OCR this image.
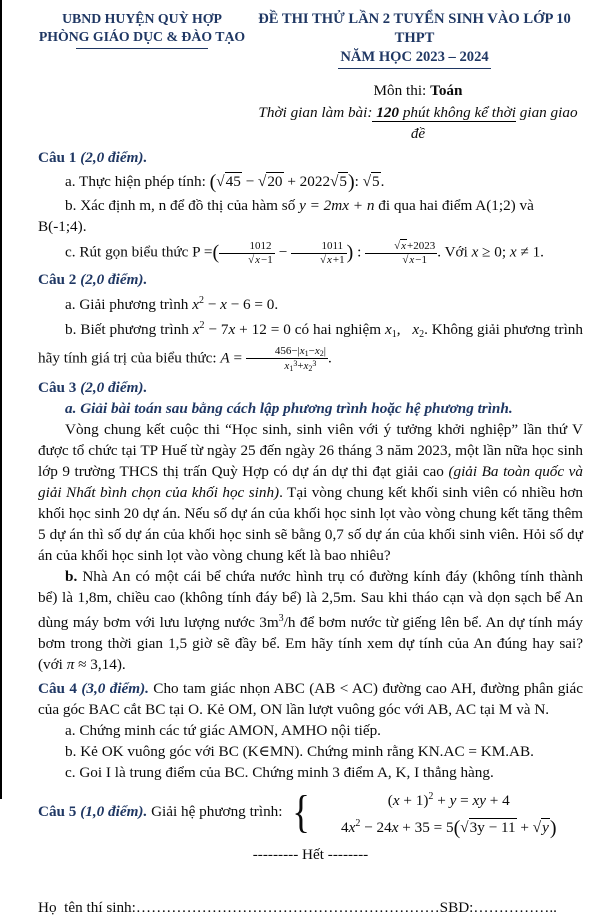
UBND HUYỆN QUỲ HỢP
PHÒNG GIÁO DỤC & ĐÀO TẠO
ĐỀ THI THỬ LẦN 2 TUYỂN SINH VÀO LỚP 10 THPT
NĂM HỌC 2023 – 2024
Môn thi: Toán
Thời gian làm bài: 120 phút không kể thời gian giao đề

Câu 1 (2,0 điểm).

a. Thực hiện phép tính: (√45 − √20 + 2022√5): √5.

b. Xác định m, n để đồ thị của hàm số y = 2mx + n đi qua hai điểm A(1;2) và B(-1;4).

c. Rút gọn biểu thức P =( $\frac{1012}{√x-1} - \frac{1011}{√x+1}$ ) : $\frac{√x+2023}{√x-1}$ . Với x ≥ 0; x ≠ 1.

Câu 2 (2,0 điểm).

a. Giải phương trình $x^2 - x - 6 = 0$.

b. Biết phương trình $x^2 - 7x + 12 = 0$ có hai nghiệm x1,   x2. Không giải phương trình hãy tính giá trị của biểu thức: $A = \frac{456-|x1-x2|}{x1^3+x2^3}$ .

Câu 3 (2,0 điểm).

a. Giải bài toán sau bằng cách lập phương trình hoặc hệ phương trình.

Vòng chung kết cuộc thi “Học sinh, sinh viên với ý tưởng khởi nghiệp” lần thứ V được tổ chức tại TP Huế từ ngày 25 đến ngày 26 tháng 3 năm 2023, một lần nữa học sinh lớp 9 trường THCS thị trấn Quỳ Hợp có dự án dự thi đạt giải cao (giải Ba toàn quốc và giải Nhất bình chọn của khối học sinh). Tại vòng chung kết khối sinh viên có nhiều hơn khối học sinh 20 dự án. Nếu số dự án của khối học sinh lọt vào vòng chung kết tăng thêm 5 dự án thì số dự án của khối học sinh sẽ bằng 0,7 số dự án của khối sinh viên. Hỏi số dự án của khối học sinh lọt vào vòng chung kết là bao nhiêu?

b. Nhà An có một cái bể chứa nước hình trụ có đường kính đáy (không tính thành bể) là 1,8m, chiều cao (không tính đáy bể) là 2,5m. Sau khi tháo cạn và dọn sạch bể An dùng máy bơm với lưu lượng nước $3m^3/h$ để bơm nước từ giếng lên bể. An dự tính máy bơm trong thời gian 1,5 giờ sẽ đầy bể. Em hãy tính xem dự tính của An đúng hay sai? (với π ≈ 3,14).

Câu 4 (3,0 điểm). Cho tam giác nhọn ABC (AB < AC) đường cao AH, đường phân giác của góc BAC cắt BC tại O. Kẻ OM, ON lần lượt vuông góc với AB, AC tại M và N.

a. Chứng minh các tứ giác AMON, AMHO nội tiếp.

b. Kẻ OK vuông góc với BC (K∈MN). Chứng minh rằng KN.AC = KM.AB.

c. Goi I là trung điểm của BC. Chứng minh 3 điểm A, K, I thẳng hàng.

Câu 5 (1,0 điểm). Giải hệ phương trình: {	$(x + 1)^2 + y$ = xy + 4
$4x^2 - 24x + 35 = 5(√3y - 11 + √y)$

--------- Hết --------

Họ  tên thí sinh:……………………………………………………SBD:……………..
